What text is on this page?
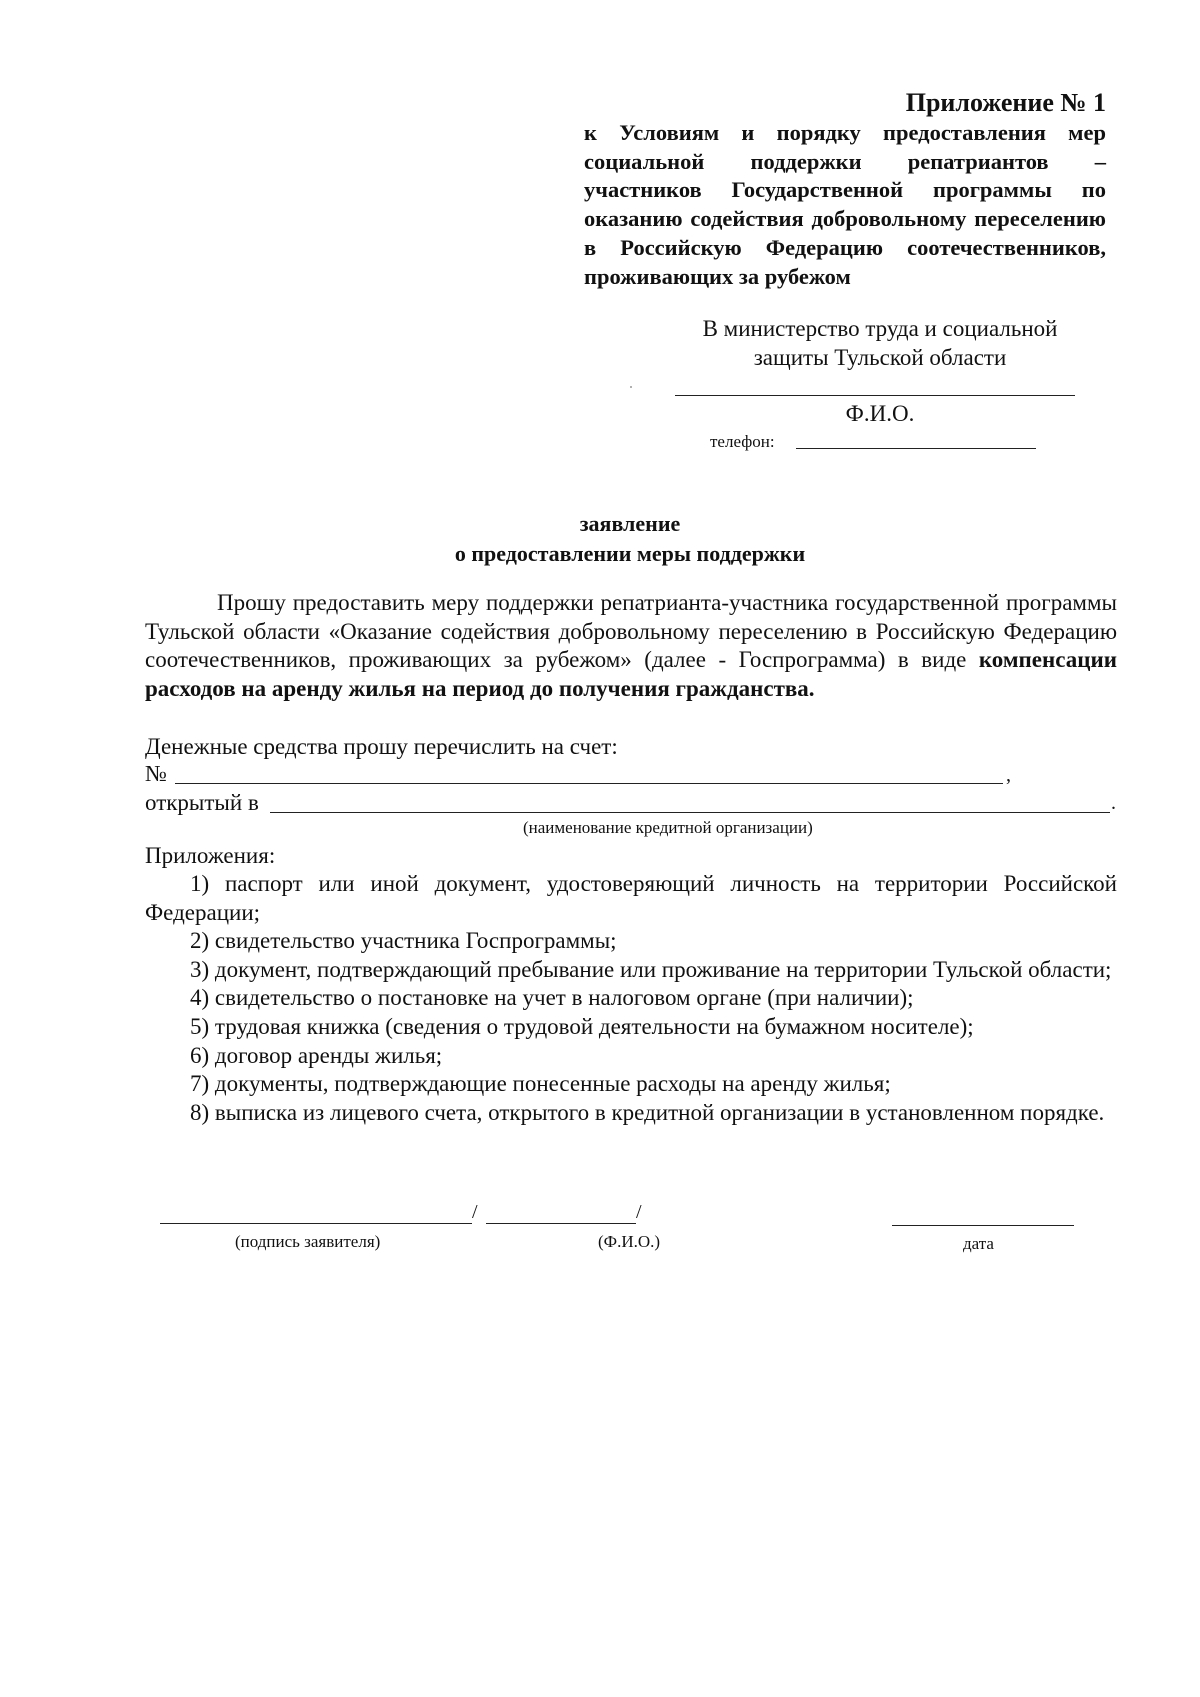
Приложение № 1
к Условиям и порядку предоставления мер социальной поддержки репатриантов – участников Государственной программы по оказанию содействия добровольному переселению в Российскую Федерацию соотечественников, проживающих за рубежом
В министерство труда и социальной
защиты Тульской области
Ф.И.О.
телефон:
заявление
о предоставлении меры поддержки
Прошу предоставить меру поддержки репатрианта-участника государственной программы Тульской области «Оказание содействия добровольному переселению в Российскую Федерацию соотечественников, проживающих за рубежом» (далее - Госпрограмма) в виде компенсации расходов на аренду жилья на период до получения гражданства.
Денежные средства прошу перечислить на счет:
№	,
открытый в	.
(наименование кредитной организации)
Приложения:
1) паспорт или иной документ, удостоверяющий личность на территории Российской Федерации;
2) свидетельство участника Госпрограммы;
3) документ, подтверждающий пребывание или проживание на территории Тульской области;
4) свидетельство о постановке на учет в налоговом органе (при наличии);
5) трудовая книжка (сведения о трудовой деятельности на бумажном носителе);
6) договор аренды жилья;
7) документы, подтверждающие понесенные расходы на аренду жилья;
8) выписка из лицевого счета, открытого в кредитной организации в установленном порядке.
/	/
(подпись заявителя)	(Ф.И.О.)	дата
